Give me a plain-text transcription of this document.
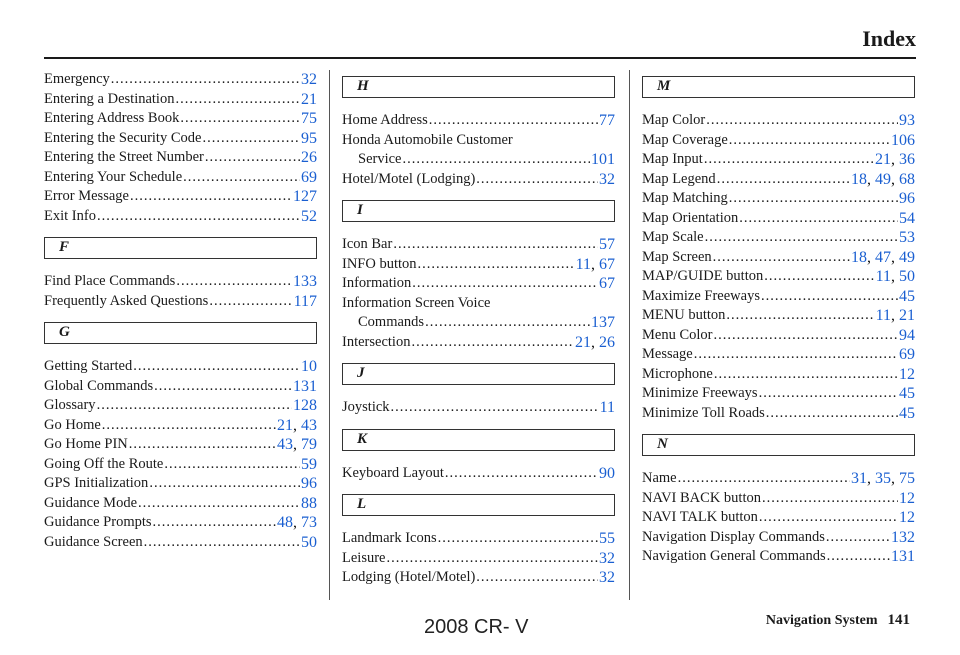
Index
Emergency .....	32
Entering a Destination .....	21
Entering Address Book .....	75
Entering the Security Code .....	95
Entering the Street Number .....	26
Entering Your Schedule .....	69
Error Message .....	127
Exit Info .....	52
F
Find Place Commands .....	133
Frequently Asked Questions .....	117
G
Getting Started .....	10
Global Commands .....	131
Glossary .....	128
Go Home .....	21, 43
Go Home PIN .....	43, 79
Going Off the Route .....	59
GPS Initialization .....	96
Guidance Mode .....	88
Guidance Prompts .....	48, 73
Guidance Screen .....	50
H
Home Address .....	77
Honda Automobile Customer
Service .....	101
Hotel/Motel (Lodging) .....	32
I
Icon Bar .....	57
INFO button .....	11, 67
Information .....	67
Information Screen Voice
Commands .....	137
Intersection .....	21, 26
J
Joystick .....	11
K
Keyboard Layout .....	90
L
Landmark Icons .....	55
Leisure .....	32
Lodging (Hotel/Motel) .....	32
M
Map Color .....	93
Map Coverage .....	106
Map Input .....	21, 36
Map Legend .....	18, 49, 68
Map Matching .....	96
Map Orientation .....	54
Map Scale .....	53
Map Screen .....	18, 47, 49
MAP/GUIDE button .....	11, 50
Maximize Freeways .....	45
MENU button .....	11, 21
Menu Color .....	94
Message .....	69
Microphone .....	12
Minimize Freeways .....	45
Minimize Toll Roads .....	45
N
Name .....	31, 35, 75
NAVI BACK button .....	12
NAVI TALK button .....	12
Navigation Display Commands .....	132
Navigation General Commands .....	131
Navigation System 141
2008 CR- V
